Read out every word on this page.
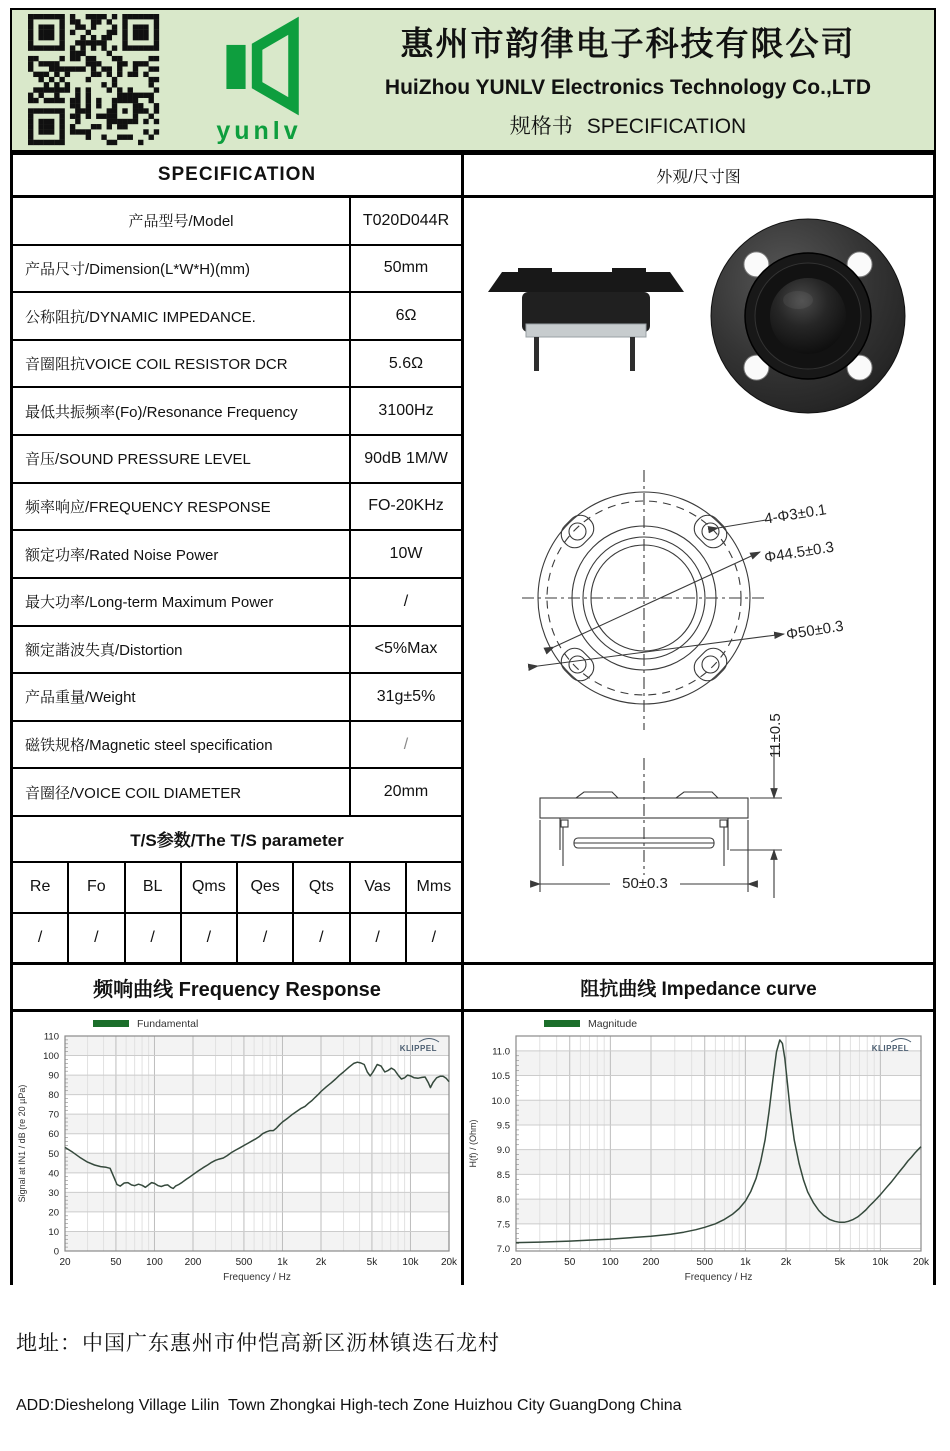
yunlv
惠州市韵律电子科技有限公司
HuiZhou YUNLV Electronics Technology Co.,LTD
规格书 SPECIFICATION
SPECIFICATION	外观/尺寸图
产品型号/Model	T020D044R
产品尺寸/Dimension(L*W*H)(mm)	50mm
公称阻抗/DYNAMIC IMPEDANCE.	6Ω
音圈阻抗VOICE COIL RESISTOR DCR	5.6Ω
最低共振频率(Fo)/Resonance Frequency	3100Hz
音压/SOUND PRESSURE LEVEL	90dB 1M/W
频率响应/FREQUENCY RESPONSE	FO-20KHz
额定功率/Rated Noise Power	10W
最大功率/Long-term Maximum Power	/
额定諧波失真/Distortion	<5%Max
产品重量/Weight	31g±5%
磁铁规格/Magnetic steel specification	/
音圈径/VOICE COIL DIAMETER	20mm
T/S参数/The T/S parameter
Re	Fo	BL	Qms	Qes	Qts	Vas	Mms
/	/	/	/	/	/	/	/
4-Φ3±0.1
Φ44.5±0.3
Φ50±0.3
11±0.5
50±0.3
频响曲线 Frequency Response	阻抗曲线 Impedance curve
0
10
20
30
40
50
60
70
80
90
100
110
20	50 100 200	500 1k	2k	5k	10k 20k
Frequency / Hz
Signal at IN1 / dB (re 20 µPa)
Fundamental
KLIPPEL
7.0
7.5
8.0
8.5
9.0
9.5
10.0
10.5
11.0
20	50	100 200	500	1k	2k	5k	10k 20k
Frequency / Hz
H(f) / (Ohm)
Magnitude
KLIPPEL

地址：中国广东惠州市仲恺高新区沥林镇迭石龙村

ADD:Dieshelong Village Lilin  Town Zhongkai High-tech Zone Huizhou City GuangDong China
